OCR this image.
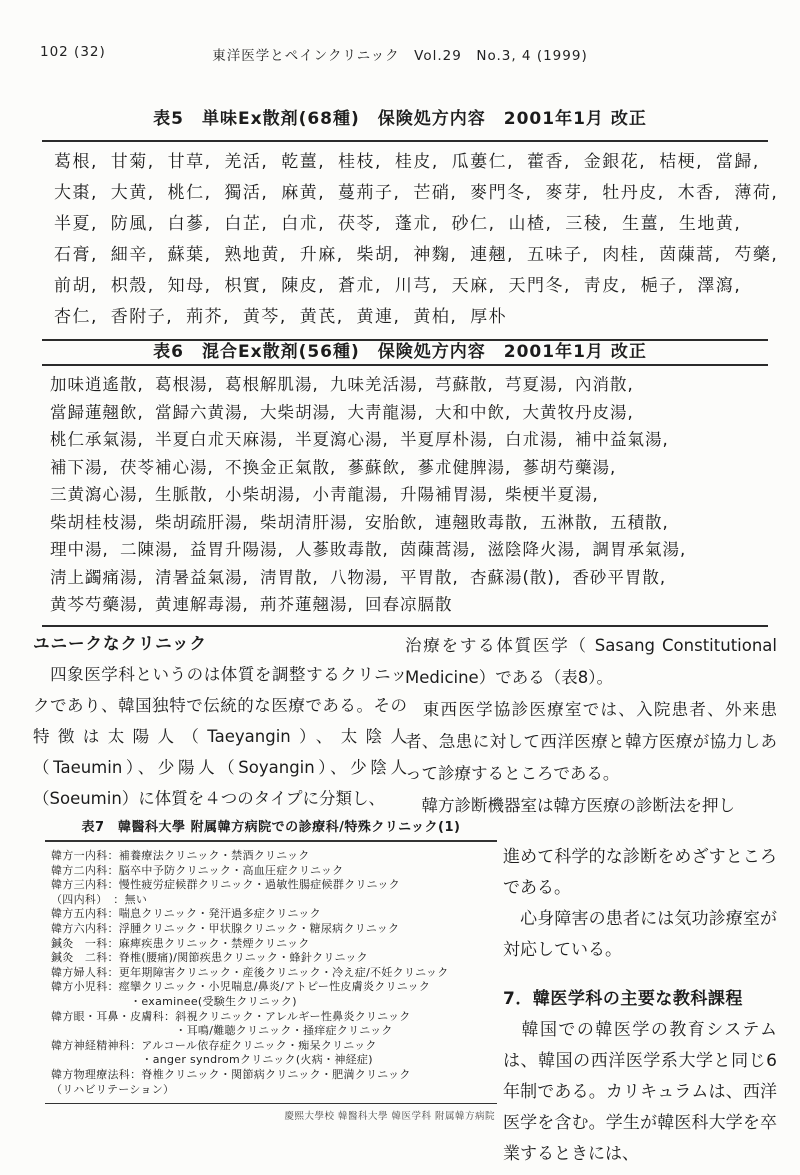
102 (32)	東洋医学とペインクリニック　Vol.29　No.3, 4 (1999)
表5　単味Ex散剤(68種)　保険処方内容　2001年1月 改正
葛根, 甘菊, 甘草, 羌活, 乾薑, 桂枝, 桂皮, 瓜蔞仁, 藿香, 金銀花, 桔梗, 當歸,
大棗, 大黄, 桃仁, 獨活, 麻黄, 蔓荊子, 芒硝, 麥門冬, 麥芽, 牡丹皮, 木香, 薄荷,
半夏, 防風, 白蔘, 白芷, 白朮, 茯苓, 蓬朮, 砂仁, 山楂, 三稜, 生薑, 生地黄,
石膏, 細辛, 蘇葉, 熟地黄, 升麻, 柴胡, 神麴, 連翹, 五味子, 肉桂, 茵蔯蒿, 芍藥,
前胡, 枳殼, 知母, 枳實, 陳皮, 蒼朮, 川芎, 天麻, 天門冬, 靑皮, 梔子, 澤瀉,
杏仁, 香附子, 荊芥, 黄芩, 黄芪, 黄連, 黄柏, 厚朴
表6　混合Ex散剤(56種)　保険処方内容　2001年1月 改正
加味逍遙散, 葛根湯, 葛根解肌湯, 九味羌活湯, 芎蘇散, 芎夏湯, 內消散,
當歸蓮翹飲, 當歸六黄湯, 大柴胡湯, 大靑龍湯, 大和中飲, 大黄牧丹皮湯,
桃仁承氣湯, 半夏白朮天麻湯, 半夏瀉心湯, 半夏厚朴湯, 白朮湯, 補中益氣湯,
補下湯, 茯苓補心湯, 不換金正氣散, 蔘蘇飲, 蔘朮健脾湯, 蔘胡芍藥湯,
三黄瀉心湯, 生脈散, 小柴胡湯, 小靑龍湯, 升陽補胃湯, 柴梗半夏湯,
柴胡桂枝湯, 柴胡疏肝湯, 柴胡清肝湯, 安胎飲, 連翹敗毒散, 五淋散, 五積散,
理中湯, 二陳湯, 益胃升陽湯, 人蔘敗毒散, 茵蔯蒿湯, 滋陰降火湯, 調胃承氣湯,
淸上蠲痛湯, 清暑益氣湯, 淸胃散, 八物湯, 平胃散, 杏蘇湯(散), 香砂平胃散,
黄芩芍藥湯, 黄連解毒湯, 荊芥蓮翹湯, 回春凉膈散
ユニークなクリニック

　四象医学科というのは体質を調整するクリニックであり、韓国独特で伝統的な医療である。その特徴は太陽人（Taeyangin）、太陰人（Taeumin）、少陽人（Soyangin）、少陰人（Soeumin）に体質を４つのタイプに分類し、

治療をする体質医学（ Sasang Constitutional Medicine）である（表8）。

　東西医学協診医療室では、入院患者、外来患者、急患に対して西洋医療と韓方医療が協力しあって診療するところである。

　韓方診断機器室は韓方医療の診断法を押し

表7　韓醫科大學 附属韓方病院での診療科/特殊クリニック(1)
韓方一内科：補養療法クリニック・禁酒クリニック
韓方二内科：脳卒中予防クリニック・高血圧症クリニック
韓方三内科：慢性疲労症候群クリニック・過敏性腸症候群クリニック
（四内科）　：無い
韓方五内科：喘息クリニック・発汗過多症クリニック
韓方六内科：浮腫クリニック・甲状腺クリニック・糖尿病クリニック
鍼灸　一科：麻痺疾患クリニック・禁煙クリニック
鍼灸　二科：脊椎(腰痛)/関節疾患クリニック・蜂針クリニック
韓方婦人科：更年期障害クリニック・産後クリニック・冷え症/不妊クリニック
韓方小児科：痙攣クリニック・小児喘息/鼻炎/アトピー性皮膚炎クリニック
　　　　　　　・examinee(受験生クリニック)
韓方眼・耳鼻・皮膚科：斜視クリニック・アレルギー性鼻炎クリニック
　　　　　　　　　　　・耳鳴/難聴クリニック・掻痒症クリニック
韓方神経精神科：アルコール依存症クリニック・痴呆クリニック
　　　　　　　　・anger syndromクリニック(火病・神経症)
韓方物理療法科：脊椎クリニック・関節病クリニック・肥満クリニック
（リハビリテーション）
慶熙大學校 韓醫科大學 韓医学科 附属韓方病院

進めて科学的な診断をめざすところである。

　心身障害の患者には気功診療室が対応している。

7．韓医学科の主要な教科課程

　韓国での韓医学の教育システムは、韓国の西洋医学系大学と同じ6年制である。カリキュラムは、西洋医学を含む。学生が韓医科大学を卒業するときには、
